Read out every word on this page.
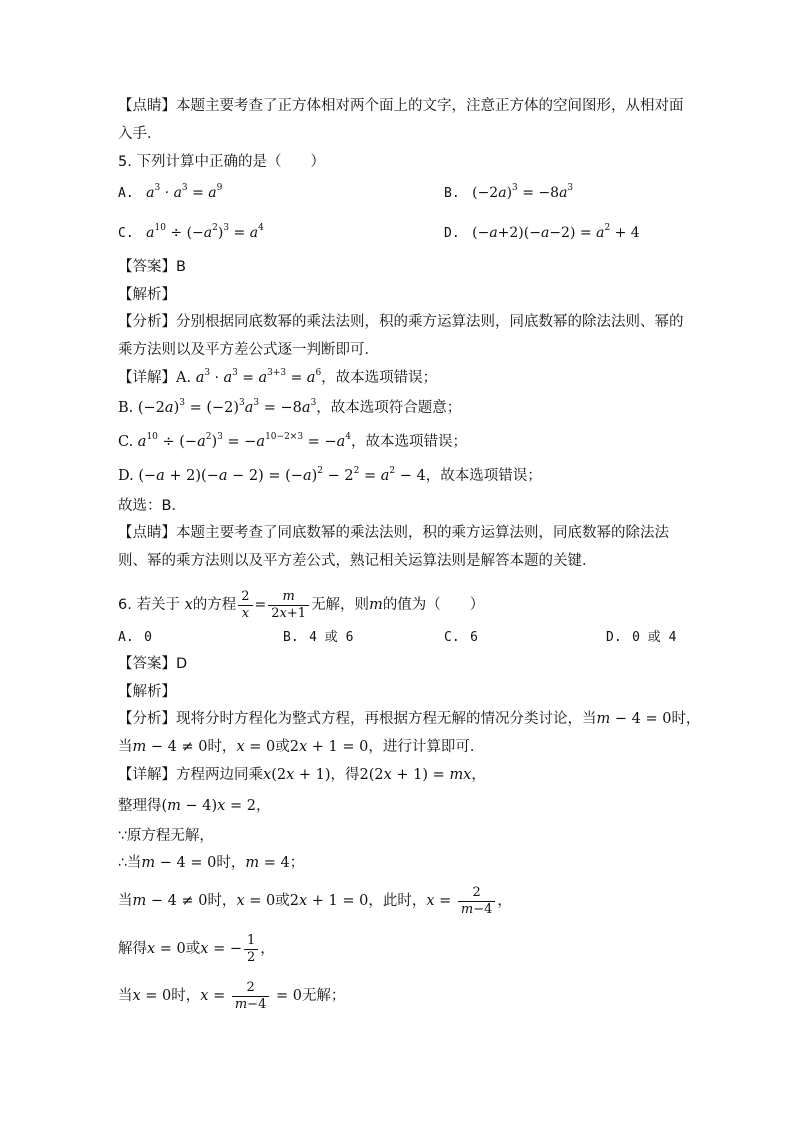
【点睛】本题主要考查了正方体相对两个面上的文字，注意正方体的空间图形，从相对面
入手．
5. 下列计算中正确的是（　　）
A. $a^3 \cdot a^3 = a^9$	B. $(-2a)^3 = -8a^3$
C. $a^{10} \div (-a^2)^3 = a^4$	D. $(-a+2)(-a-2) = a^2 + 4$
【答案】B
【解析】
【分析】分别根据同底数幂的乘法法则，积的乘方运算法则，同底数幂的除法法则、幂的
乘方法则以及平方差公式逐一判断即可．
【详解】A. $a^3 \cdot a^3 = a^{3+3} = a^6$，故本选项错误；
B. $(-2a)^3 = (-2)^3a^3 = -8a^3$，故本选项符合题意；
C. $a^{10} \div (-a^2)^3 = -a^{10-2\times 3} = -a^4$，故本选项错误；
D. $(-a + 2)(-a - 2) = (-a)^2 - 2^2 = a^2 - 4$，故本选项错误；
故选：B．
【点睛】本题主要考查了同底数幂的乘法法则，积的乘方运算法则，同底数幂的除法法
则、幂的乘方法则以及平方差公式，熟记相关运算法则是解答本题的关键．
6. 若关于 x的方程 $\frac{2}{x} = \frac{m}{2x+1}$ 无解，则m的值为（　　）
A. 0	B. 4 或 6	C. 6	D. 0 或 4
【答案】D
【解析】
【分析】现将分时方程化为整式方程，再根据方程无解的情况分类讨论，当m − 4 = 0时，
当m − 4 ≠ 0时，x = 0或2x + 1 = 0，进行计算即可．
【详解】方程两边同乘x(2x + 1)，得2(2x + 1) = mx，
整理得(m − 4)x = 2，
∵原方程无解，
∴当m − 4 = 0时，m = 4；
当m − 4 ≠ 0时，x = 0或2x + 1 = 0，此时，$x = \frac{2}{m-4}$ ，
解得x = 0或x = − $\frac{1}{2}$ ，
当x = 0时，$x = \frac{2}{m-4} = 0$无解；
